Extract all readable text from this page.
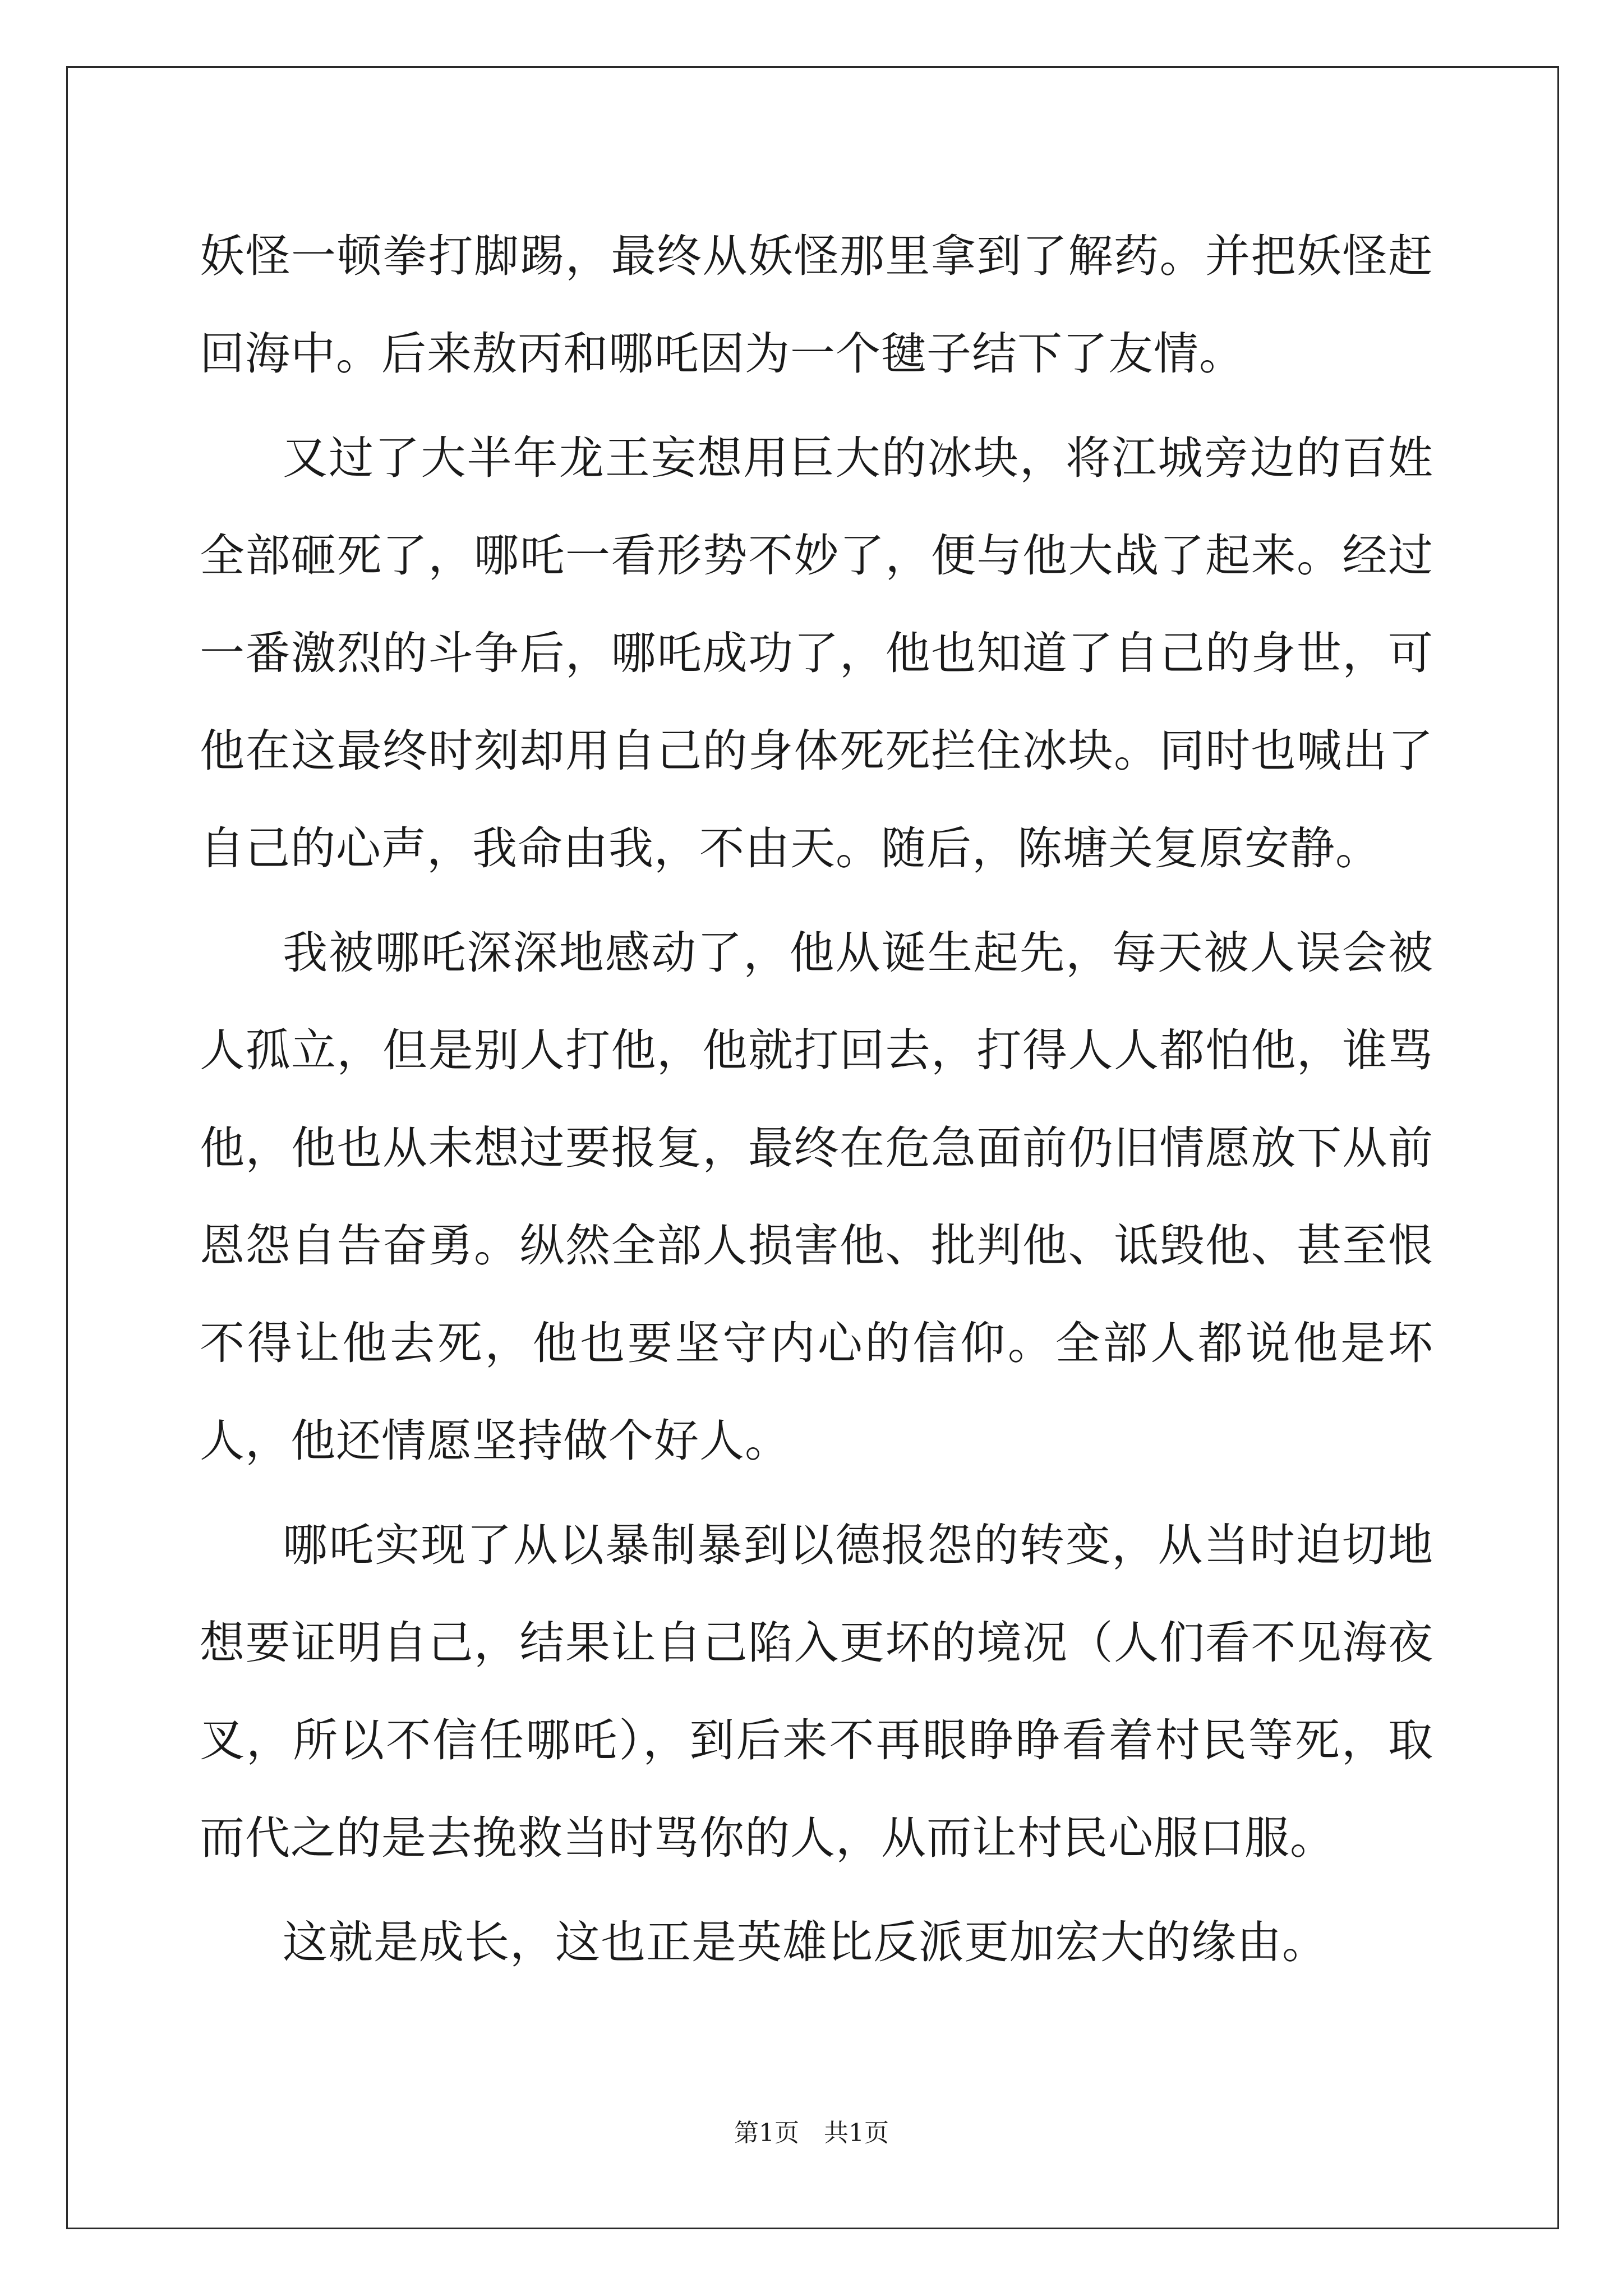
妖怪一顿拳打脚踢，最终从妖怪那里拿到了解药。并把妖怪赶回海中。后来敖丙和哪吒因为一个毽子结下了友情。

又过了大半年龙王妄想用巨大的冰块，将江城旁边的百姓全部砸死了，哪吒一看形势不妙了，便与他大战了起来。经过一番激烈的斗争后，哪吒成功了，他也知道了自己的身世，可他在这最终时刻却用自己的身体死死拦住冰块。同时也喊出了自己的心声，我命由我，不由天。随后，陈塘关复原安静。

我被哪吒深深地感动了，他从诞生起先，每天被人误会被人孤立，但是别人打他，他就打回去，打得人人都怕他，谁骂他，他也从未想过要报复，最终在危急面前仍旧情愿放下从前恩怨自告奋勇。纵然全部人损害他、批判他、诋毁他、甚至恨不得让他去死，他也要坚守内心的信仰。全部人都说他是坏人，他还情愿坚持做个好人。

哪吒实现了从以暴制暴到以德报怨的转变，从当时迫切地想要证明自己，结果让自己陷入更坏的境况（人们看不见海夜叉，所以不信任哪吒），到后来不再眼睁睁看着村民等死，取而代之的是去挽救当时骂你的人，从而让村民心服口服。

这就是成长，这也正是英雄比反派更加宏大的缘由。

第1页　共1页
